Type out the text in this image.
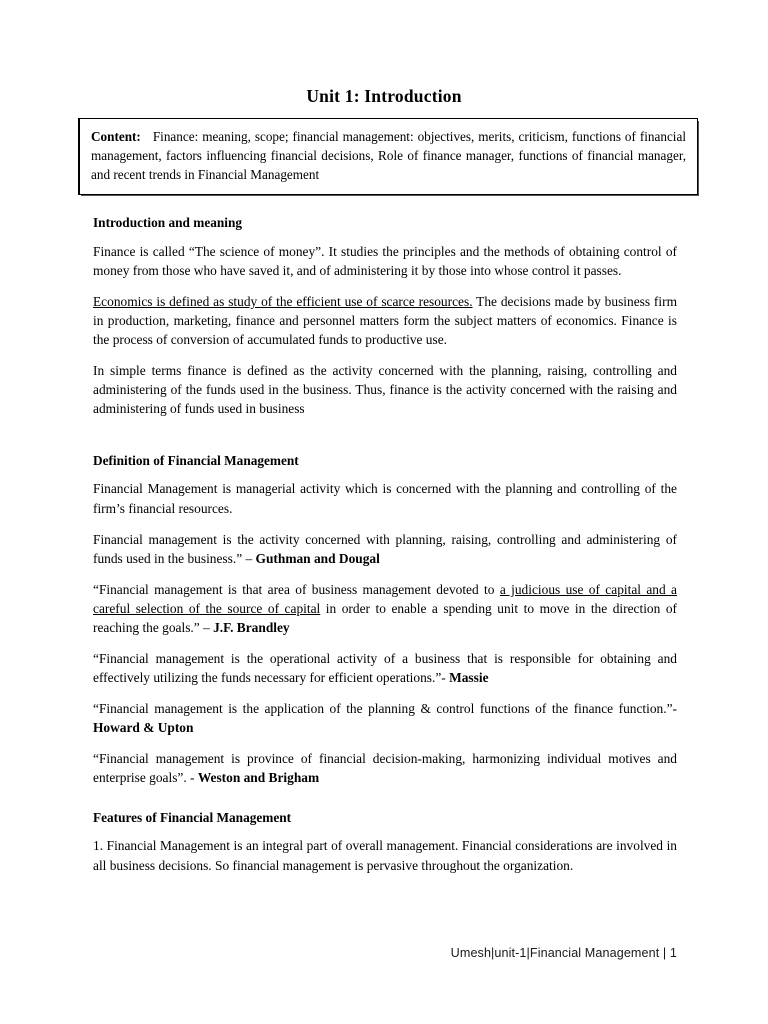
Unit 1: Introduction

Content: Finance: meaning, scope; financial management: objectives, merits, criticism, functions of financial management, factors influencing financial decisions, Role of finance manager, functions of financial manager, and recent trends in Financial Management

Introduction and meaning

Finance is called “The science of money”. It studies the principles and the methods of obtaining control of money from those who have saved it, and of administering it by those into whose control it passes.

Economics is defined as study of the efficient use of scarce resources. The decisions made by business firm in production, marketing, finance and personnel matters form the subject matters of economics. Finance is the process of conversion of accumulated funds to productive use.

In simple terms finance is defined as the activity concerned with the planning, raising, controlling and administering of the funds used in the business. Thus, finance is the activity concerned with the raising and administering of funds used in business

Definition of Financial Management

Financial Management is managerial activity which is concerned with the planning and controlling of the firm’s financial resources.

Financial management is the activity concerned with planning, raising, controlling and administering of funds used in the business.” – Guthman and Dougal

“Financial management is that area of business management devoted to a judicious use of capital and a careful selection of the source of capital in order to enable a spending unit to move in the direction of reaching the goals.” – J.F. Brandley

“Financial management is the operational activity of a business that is responsible for obtaining and effectively utilizing the funds necessary for efficient operations.”- Massie

“Financial management is the application of the planning & control functions of the finance function.”- Howard & Upton

“Financial management is province of financial decision-making, harmonizing individual motives and enterprise goals”. - Weston and Brigham

Features of Financial Management

1. Financial Management is an integral part of overall management. Financial considerations are involved in all business decisions. So financial management is pervasive throughout the organization.

Umesh|unit-1|Financial Management | 1
